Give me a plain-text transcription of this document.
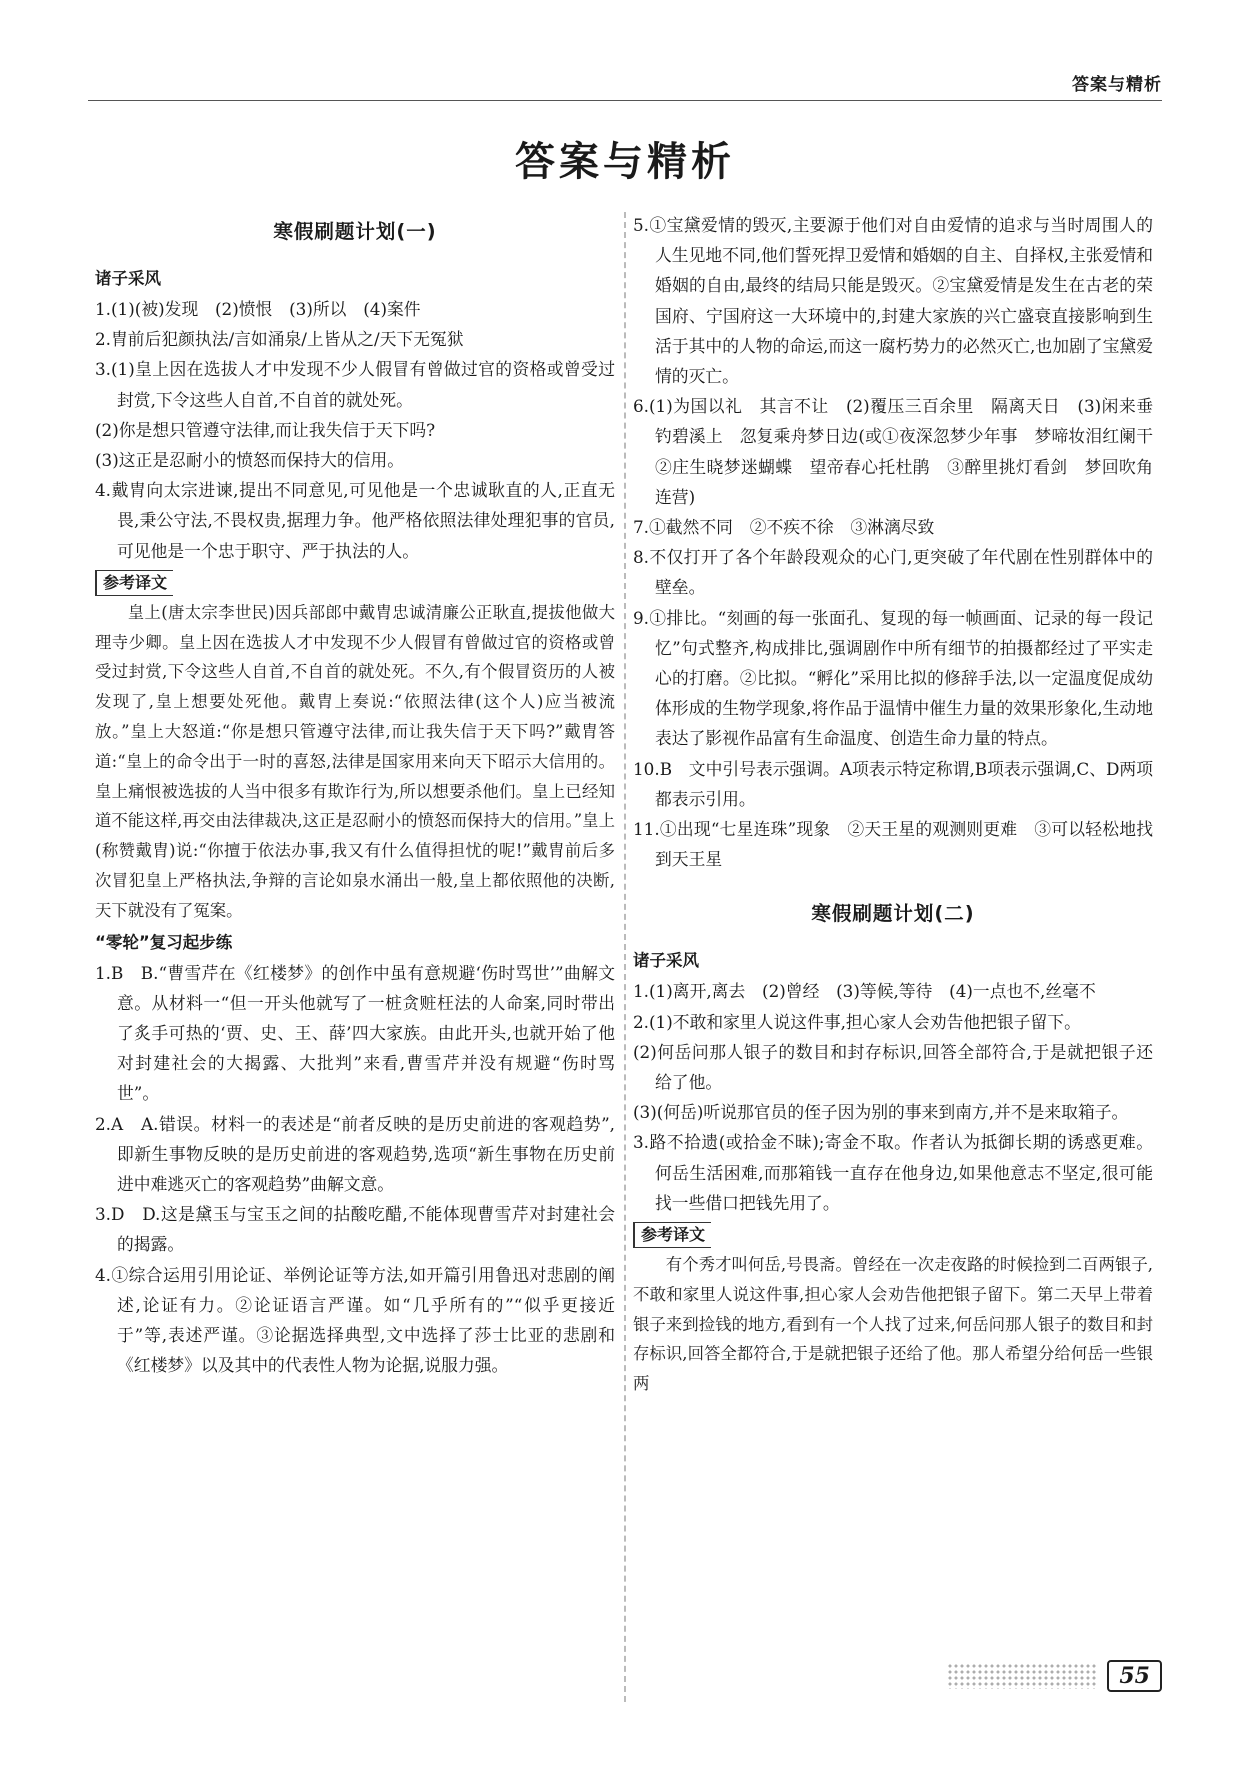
答案与精析
答案与精析
寒假刷题计划(一)
诸子采风
1.(1)(被)发现　(2)愤恨　(3)所以　(4)案件
2.胄前后犯颜执法/言如涌泉/上皆从之/天下无冤狱
3.(1)皇上因在选拔人才中发现不少人假冒有曾做过官的资格或曾受过封赏,下令这些人自首,不自首的就处死。
(2)你是想只管遵守法律,而让我失信于天下吗?
(3)这正是忍耐小的愤怒而保持大的信用。
4.戴胄向太宗进谏,提出不同意见,可见他是一个忠诚耿直的人,正直无畏,秉公守法,不畏权贵,据理力争。他严格依照法律处理犯事的官员,可见他是一个忠于职守、严于执法的人。
参考译文

皇上(唐太宗李世民)因兵部郎中戴胄忠诚清廉公正耿直,提拔他做大理寺少卿。皇上因在选拔人才中发现不少人假冒有曾做过官的资格或曾受过封赏,下令这些人自首,不自首的就处死。不久,有个假冒资历的人被发现了,皇上想要处死他。戴胄上奏说:“依照法律(这个人)应当被流放。”皇上大怒道:“你是想只管遵守法律,而让我失信于天下吗?”戴胄答道:“皇上的命令出于一时的喜怒,法律是国家用来向天下昭示大信用的。皇上痛恨被选拔的人当中很多有欺诈行为,所以想要杀他们。皇上已经知道不能这样,再交由法律裁决,这正是忍耐小的愤怒而保持大的信用。”皇上(称赞戴胄)说:“你擅于依法办事,我又有什么值得担忧的呢!”戴胄前后多次冒犯皇上严格执法,争辩的言论如泉水涌出一般,皇上都依照他的决断,天下就没有了冤案。

“零轮”复习起步练
1.B　B.“曹雪芹在《红楼梦》的创作中虽有意规避‘伤时骂世’”曲解文意。从材料一“但一开头他就写了一桩贪赃枉法的人命案,同时带出了炙手可热的‘贾、史、王、薛’四大家族。由此开头,也就开始了他对封建社会的大揭露、大批判”来看,曹雪芹并没有规避“伤时骂世”。
2.A　A.错误。材料一的表述是“前者反映的是历史前进的客观趋势”,即新生事物反映的是历史前进的客观趋势,选项“新生事物在历史前进中难逃灭亡的客观趋势”曲解文意。
3.D　D.这是黛玉与宝玉之间的拈酸吃醋,不能体现曹雪芹对封建社会的揭露。
4.①综合运用引用论证、举例论证等方法,如开篇引用鲁迅对悲剧的阐述,论证有力。②论证语言严谨。如“几乎所有的”“似乎更接近于”等,表述严谨。③论据选择典型,文中选择了莎士比亚的悲剧和《红楼梦》以及其中的代表性人物为论据,说服力强。
5.①宝黛爱情的毁灭,主要源于他们对自由爱情的追求与当时周围人的人生见地不同,他们誓死捍卫爱情和婚姻的自主、自择权,主张爱情和婚姻的自由,最终的结局只能是毁灭。②宝黛爱情是发生在古老的荣国府、宁国府这一大环境中的,封建大家族的兴亡盛衰直接影响到生活于其中的人物的命运,而这一腐朽势力的必然灭亡,也加剧了宝黛爱情的灭亡。
6.(1)为国以礼　其言不让　(2)覆压三百余里　隔离天日　(3)闲来垂钓碧溪上　忽复乘舟梦日边(或①夜深忽梦少年事　梦啼妆泪红阑干　②庄生晓梦迷蝴蝶　望帝春心托杜鹃　③醉里挑灯看剑　梦回吹角连营)
7.①截然不同　②不疾不徐　③淋漓尽致
8.不仅打开了各个年龄段观众的心门,更突破了年代剧在性别群体中的壁垒。
9.①排比。“刻画的每一张面孔、复现的每一帧画面、记录的每一段记忆”句式整齐,构成排比,强调剧作中所有细节的拍摄都经过了平实走心的打磨。②比拟。“孵化”采用比拟的修辞手法,以一定温度促成幼体形成的生物学现象,将作品于温情中催生力量的效果形象化,生动地表达了影视作品富有生命温度、创造生命力量的特点。
10.B　文中引号表示强调。A项表示特定称谓,B项表示强调,C、D两项都表示引用。
11.①出现“七星连珠”现象　②天王星的观测则更难　③可以轻松地找到天王星
寒假刷题计划(二)
诸子采风
1.(1)离开,离去　(2)曾经　(3)等候,等待　(4)一点也不,丝毫不
2.(1)不敢和家里人说这件事,担心家人会劝告他把银子留下。
(2)何岳问那人银子的数目和封存标识,回答全部符合,于是就把银子还给了他。
(3)(何岳)听说那官员的侄子因为别的事来到南方,并不是来取箱子。
3.路不拾遗(或拾金不昧);寄金不取。作者认为抵御长期的诱惑更难。何岳生活困难,而那箱钱一直存在他身边,如果他意志不坚定,很可能找一些借口把钱先用了。
参考译文

有个秀才叫何岳,号畏斋。曾经在一次走夜路的时候捡到二百两银子,不敢和家里人说这件事,担心家人会劝告他把银子留下。第二天早上带着银子来到捡钱的地方,看到有一个人找了过来,何岳问那人银子的数目和封存标识,回答全都符合,于是就把银子还给了他。那人希望分给何岳一些银两

55
